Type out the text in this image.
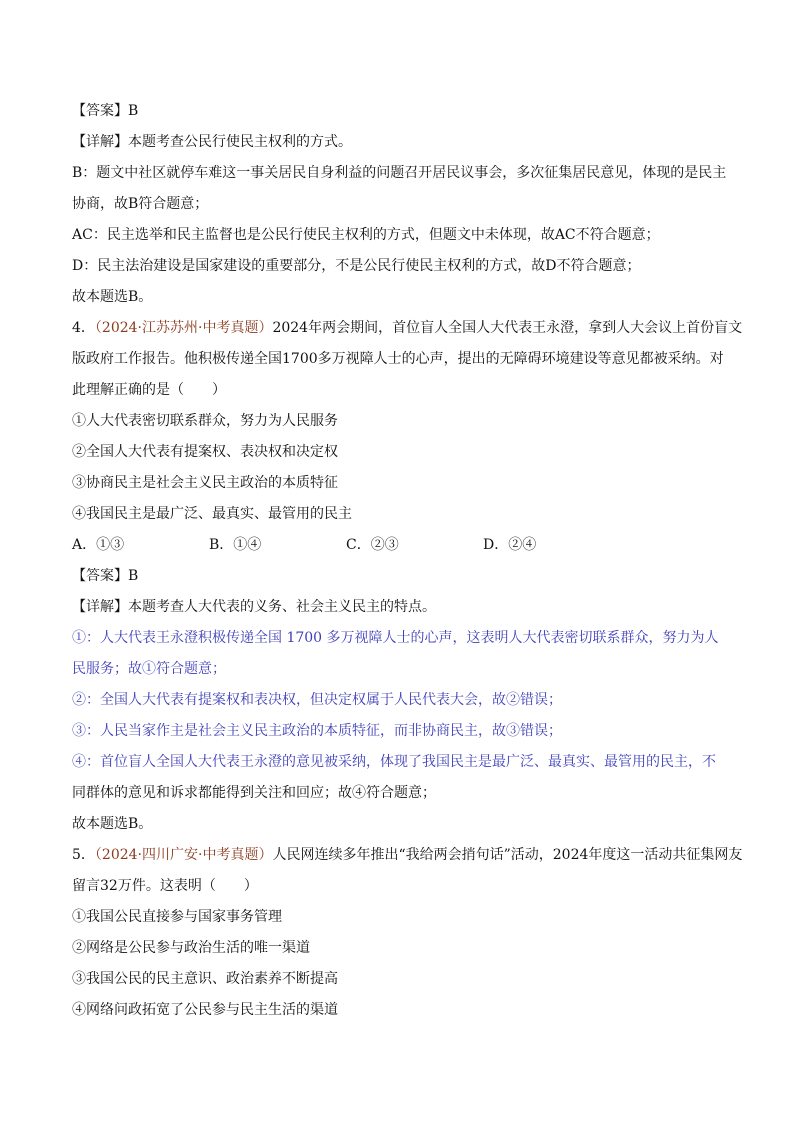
【答案】B
【详解】本题考查公民行使民主权利的方式。
B：题文中社区就停车难这一事关居民自身利益的问题召开居民议事会，多次征集居民意见，体现的是民主
协商，故B符合题意；
AC：民主选举和民主监督也是公民行使民主权利的方式，但题文中未体现，故AC不符合题意；
D：民主法治建设是国家建设的重要部分，不是公民行使民主权利的方式，故D不符合题意；
故本题选B。
4．（2024·江苏苏州·中考真题）2024年两会期间，首位盲人全国人大代表王永澄，拿到人大会议上首份盲文
版政府工作报告。他积极传递全国1700多万视障人士的心声，提出的无障碍环境建设等意见都被采纳。对
此理解正确的是（　　）
①人大代表密切联系群众，努力为人民服务
②全国人大代表有提案权、表决权和决定权
③协商民主是社会主义民主政治的本质特征
④我国民主是最广泛、最真实、最管用的民主
A．①③	B．①④	C．②③	D．②④
【答案】B
【详解】本题考查人大代表的义务、社会主义民主的特点。
①：人大代表王永澄积极传递全国 1700 多万视障人士的心声，这表明人大代表密切联系群众，努力为人
民服务；故①符合题意；
②：全国人大代表有提案权和表决权，但决定权属于人民代表大会，故②错误；
③：人民当家作主是社会主义民主政治的本质特征，而非协商民主，故③错误；
④：首位盲人全国人大代表王永澄的意见被采纳，体现了我国民主是最广泛、最真实、最管用的民主，不
同群体的意见和诉求都能得到关注和回应；故④符合题意；
故本题选B。
5．（2024·四川广安·中考真题）人民网连续多年推出“我给两会捎句话”活动，2024年度这一活动共征集网友
留言32万件。这表明（　　）
①我国公民直接参与国家事务管理
②网络是公民参与政治生活的唯一渠道
③我国公民的民主意识、政治素养不断提高
④网络问政拓宽了公民参与民主生活的渠道
